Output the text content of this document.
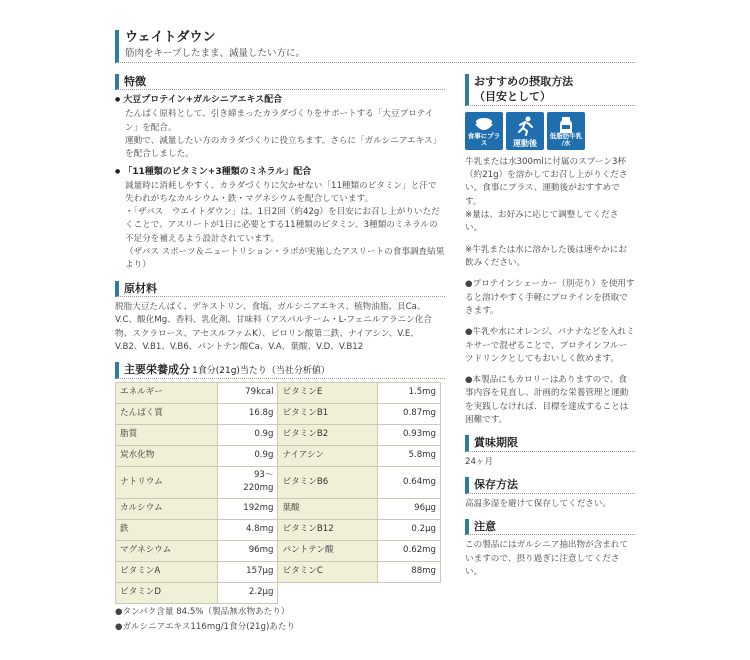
ウェイトダウン
筋肉をキープしたまま、減量したい方に。
特徴
● 大豆プロテイン+ガルシニアエキス配合
たんぱく原料として、引き締まったカラダづくりをサポートする「大豆プロテイン」を配合。
運動で、減量したい方のカラダづくりに役立ちます。さらに「ガルシニアエキス」を配合しました。
● 「11種類のビタミン+3種類のミネラル」配合
減量時に消耗しやすく、カラダづくりに欠かせない「11種類のビタミン」と汗で失われがちなカルシウム・鉄・マグネシウムを配合しています。
・「ザバス　ウエイトダウン」は、1日2回（約42g）を目安にお召し上がりいただくことで、アスリートが1日に必要とする11種類のビタミン、3種類のミネラルの不足分を補えるよう設計されています。
（ザバス スポーツ＆ニュートリション・ラボが実施したアスリートの食事調査結果より）
原材料
脱脂大豆たんぱく、デキストリン、食塩、ガルシニアエキス、植物油脂、貝Ca、V.C、酸化Mg、香料、乳化剤、甘味料（アスパルテーム・L-フェニルアラニン化合物、スクラロース、アセスルファムK）、ピロリン酸第二鉄、ナイアシン、V.E、V.B2、V.B1、V.B6、パントテン酸Ca、V.A、葉酸、V.D、V.B12
主要栄養成分 1食分(21g)当たり（当社分析値）
エネルギー	79kcal	ビタミンE	1.5mg
たんぱく質	16.8g	ビタミンB1	0.87mg
脂質	0.9g	ビタミンB2	0.93mg
炭水化物	0.9g	ナイアシン	5.8mg
ナトリウム	93～
220mg	ビタミンB6	0.64mg
カルシウム	192mg	葉酸	96μg
鉄	4.8mg	ビタミンB12	0.2μg
マグネシウム	96mg	パントテン酸	0.62mg
ビタミンA	157μg	ビタミンC	88mg
ビタミンD	2.2μg		
●タンパク含量 84.5%（製品無水物あたり）
●ガルシニアエキス116mg/1食分(21g)あたり
おすすめの摂取方法
（目安として）
食事にプラス	運動後
低脂肪牛乳
/水
牛乳または水300mlに付属のスプーン3杯（約21g）を溶かしてお召し上がりください。食事にプラス、運動後がおすすめです。
※量は、お好みに応じて調整してください。
※牛乳または水に溶かした後は速やかにお飲みください。
●プロテインシェーカー（別売り）を使用すると溶けやすく手軽にプロテインを摂取できます。
●牛乳や水にオレンジ、バナナなどを入れミキサーで混ぜることで、プロテインフルーツドリンクとしてもおいしく飲めます。
●本製品にもカロリーはありますので、食事内容を見直し、計画的な栄養管理と運動を実践しなければ、目標を達成することは困難です。
賞味期限
24ヶ月
保存方法
高温多湿を避けて保存してください。
注意
この製品にはガルシニア抽出物が含まれていますので、摂り過ぎに注意してください。
